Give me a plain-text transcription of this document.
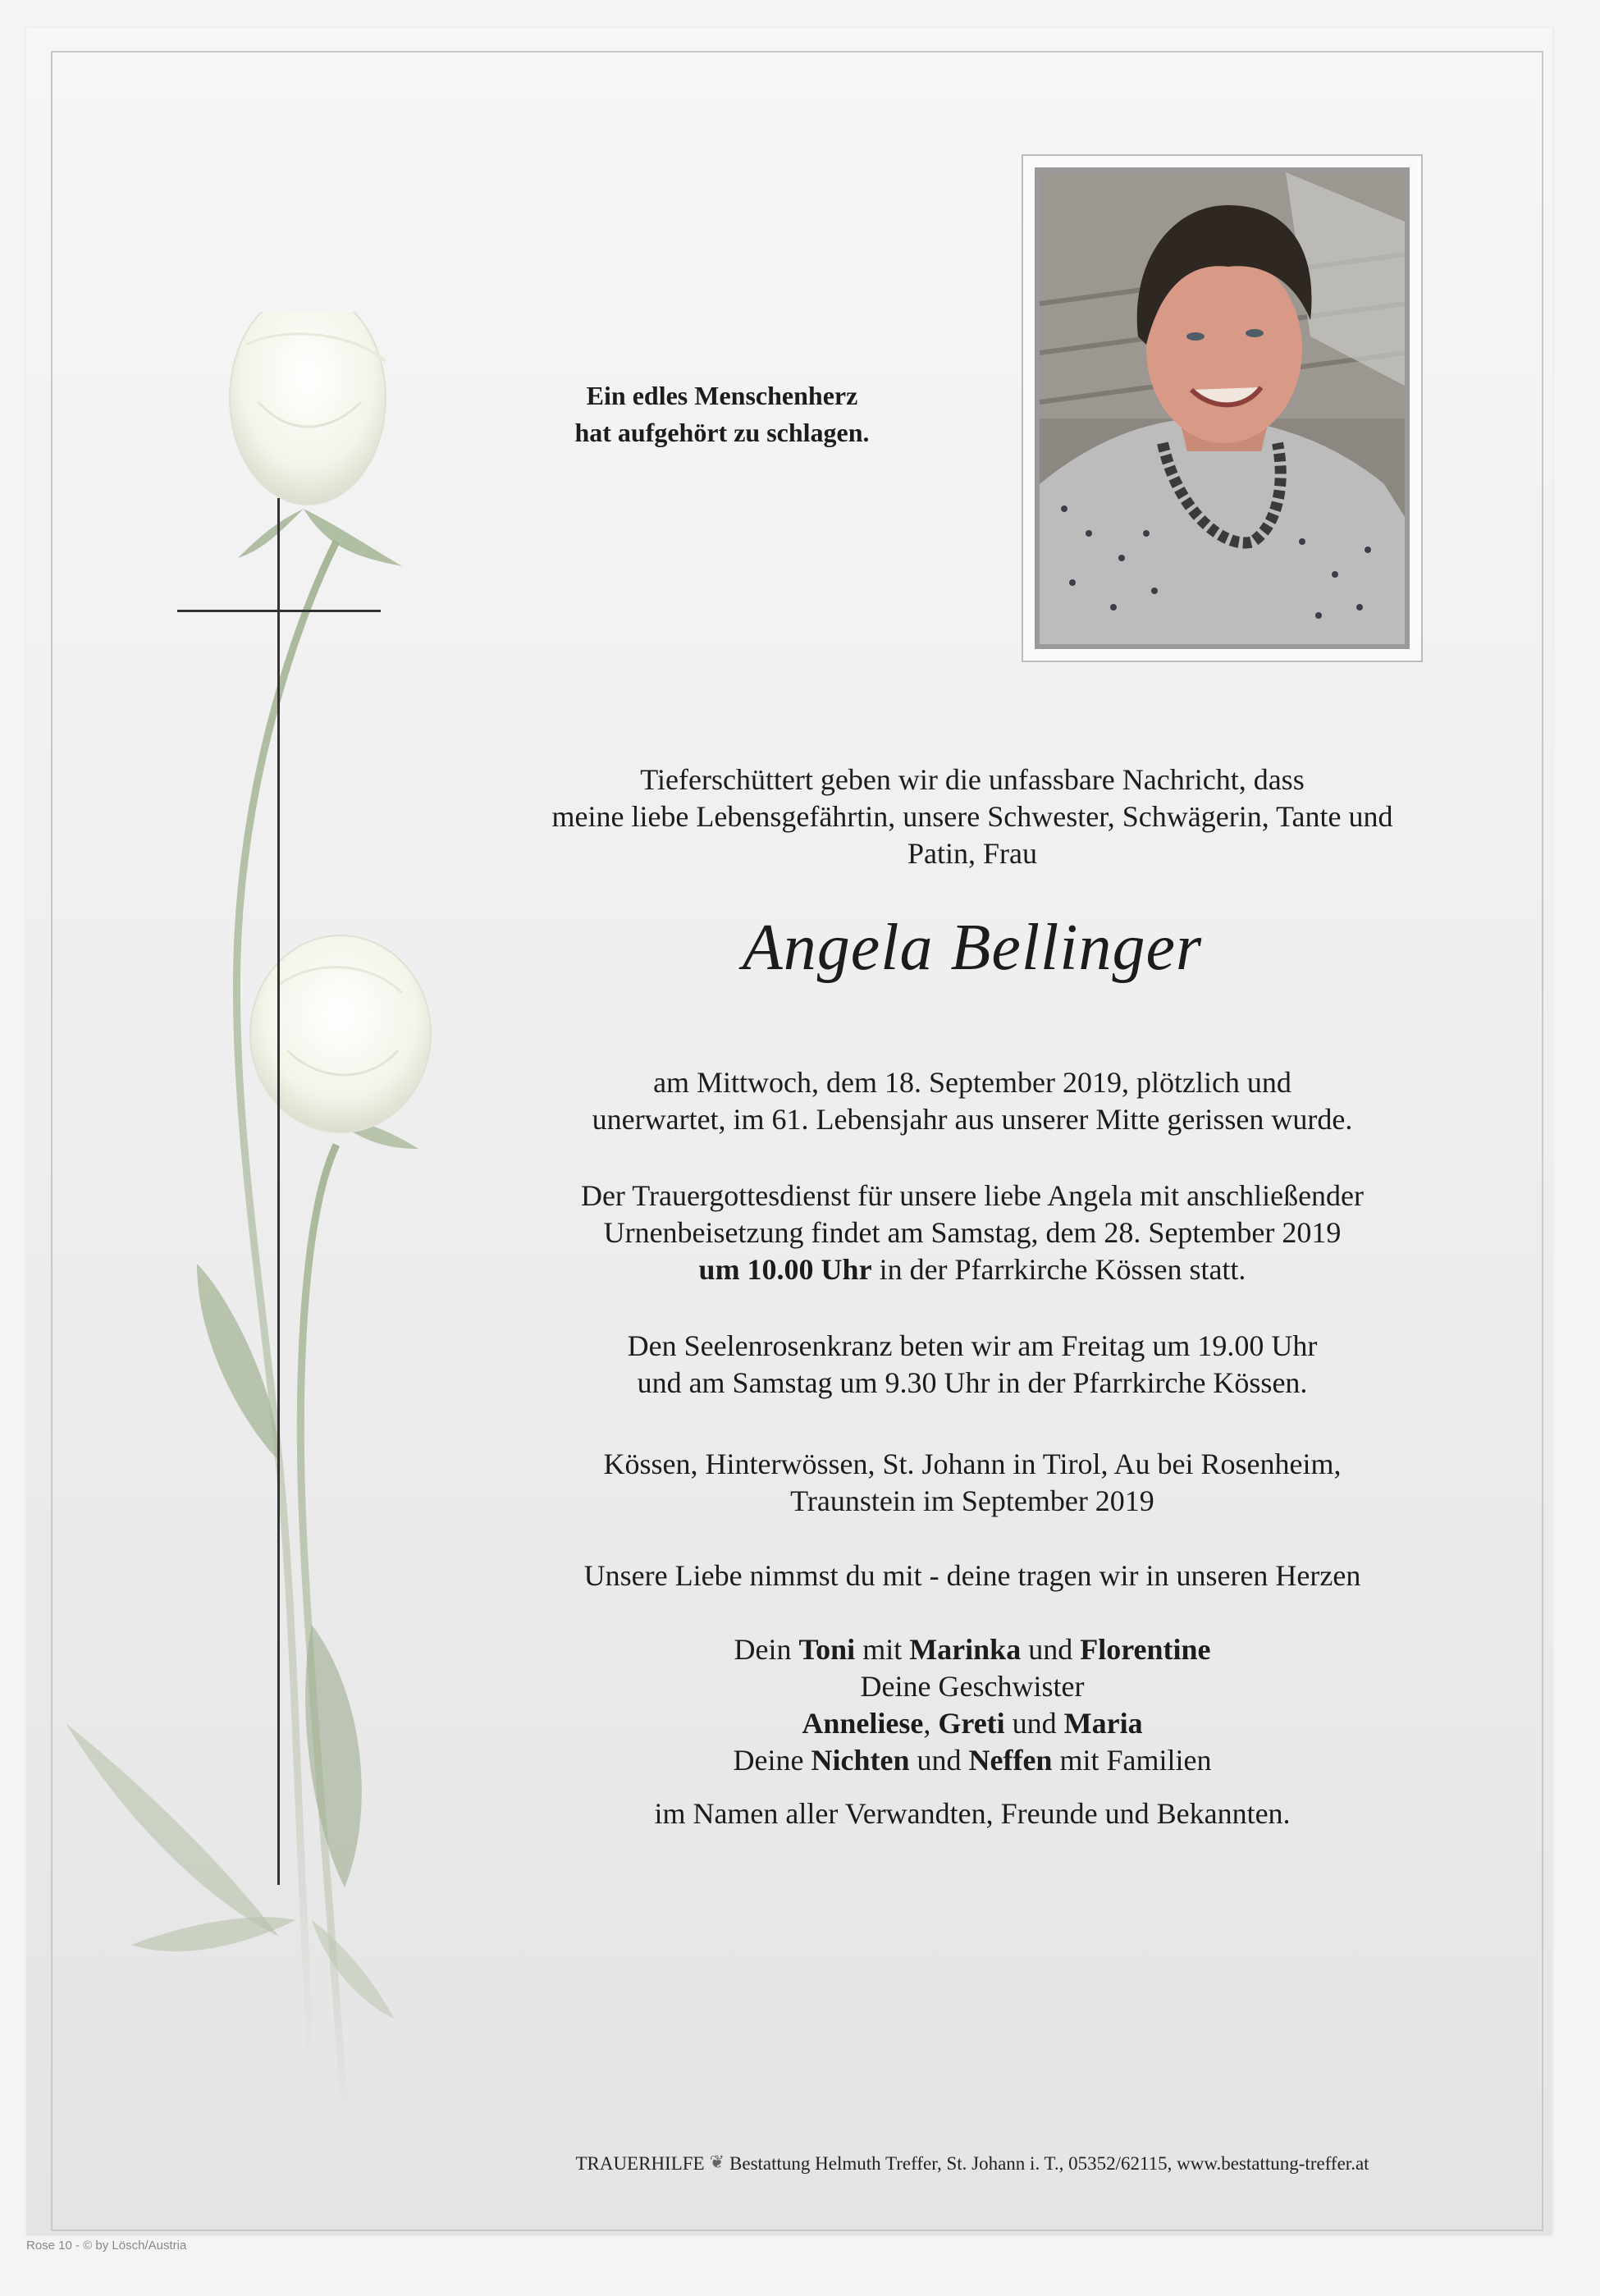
Ein edles Menschenherz
hat aufgehört zu schlagen.
Tieferschüttert geben wir die unfassbare Nachricht, dass
meine liebe Lebensgefährtin, unsere Schwester, Schwägerin, Tante und
Patin, Frau
Angela Bellinger
am Mittwoch, dem 18. September 2019, plötzlich und
unerwartet, im 61. Lebensjahr aus unserer Mitte gerissen wurde.
Der Trauergottesdienst für unsere liebe Angela mit anschließender
Urnenbeisetzung findet am Samstag, dem 28. September 2019
um 10.00 Uhr in der Pfarrkirche Kössen statt.
Den Seelenrosenkranz beten wir am Freitag um 19.00 Uhr
und am Samstag um 9.30 Uhr in der Pfarrkirche Kössen.
Kössen, Hinterwössen, St. Johann in Tirol, Au bei Rosenheim,
Traunstein im September 2019
Unsere Liebe nimmst du mit - deine tragen wir in unseren Herzen
Dein Toni mit Marinka und Florentine
Deine Geschwister
Anneliese, Greti und Maria
Deine Nichten und Neffen mit Familien
im Namen aller Verwandten, Freunde und Bekannten.
TRAUERHILFE ❦ Bestattung Helmuth Treffer, St. Johann i. T., 05352/62115, www.bestattung-treffer.at
Rose 10 - © by Lösch/Austria
